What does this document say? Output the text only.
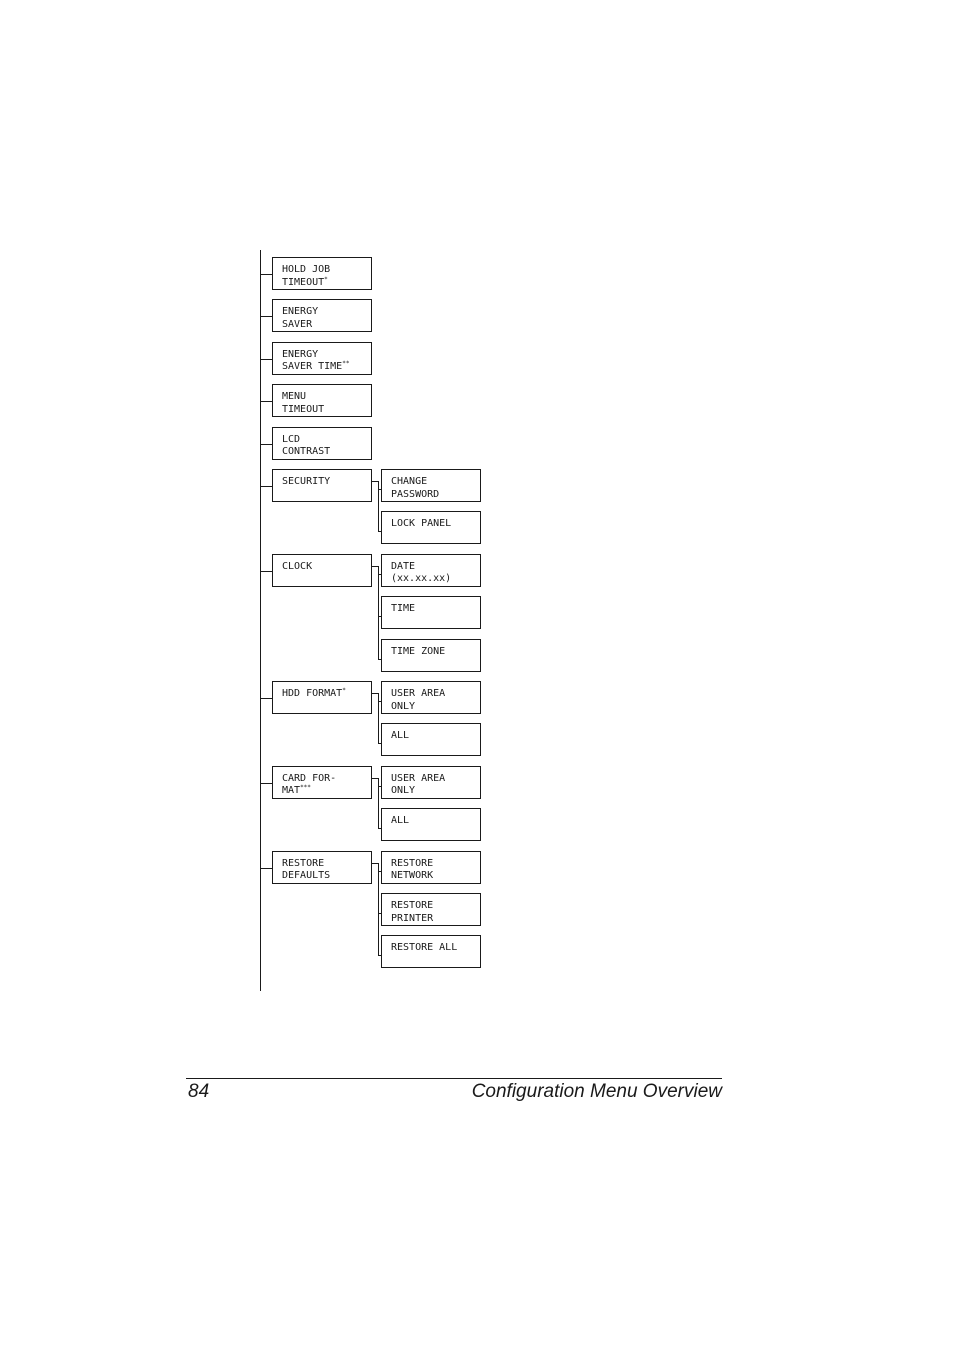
HOLD JOB
TIMEOUT*
ENERGY
SAVER
ENERGY
SAVER TIME**
MENU
TIMEOUT
LCD
CONTRAST
SECURITY	CHANGE
PASSWORD
LOCK PANEL
CLOCK	DATE
(xx.xx.xx)
TIME
TIME ZONE
HDD FORMAT*	USER AREA
ONLY
ALL
CARD FOR-
MAT***
USER AREA
ONLY
ALL
RESTORE
DEFAULTS
RESTORE
NETWORK
RESTORE
PRINTER
RESTORE ALL
84	Configuration Menu Overview
